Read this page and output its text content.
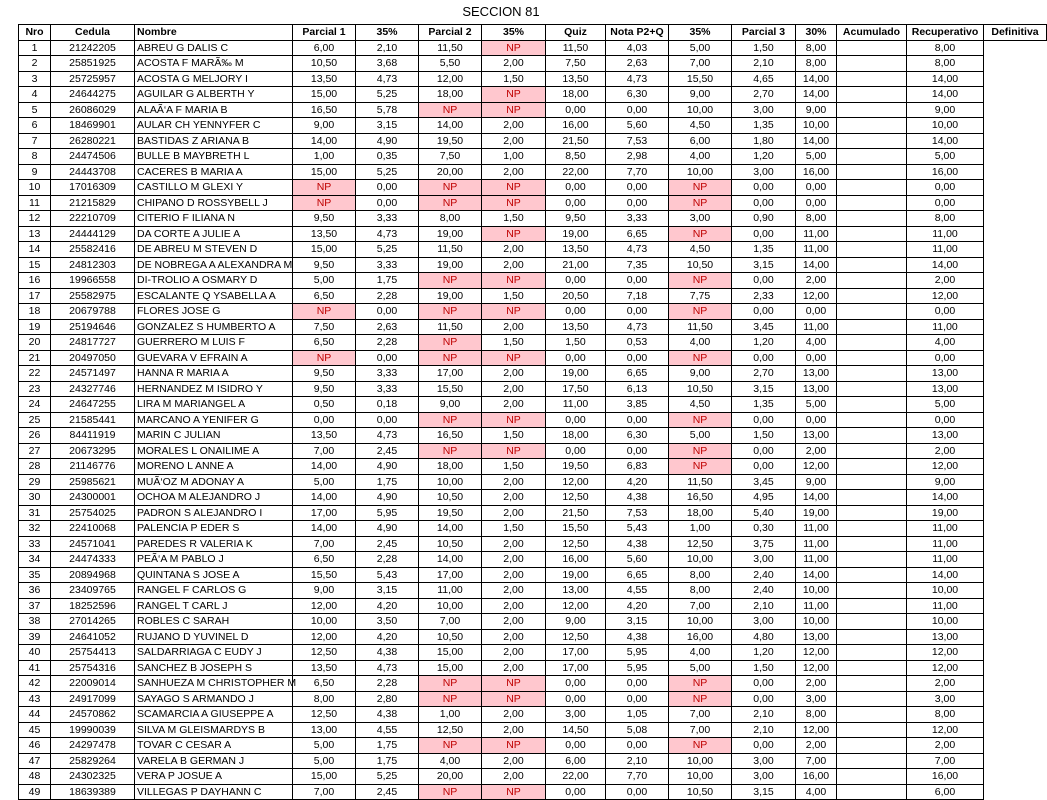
SECCION 81
Nro	Cedula	Nombre	Parcial 1	35%	Parcial 2	35%	Quiz	Nota P2+Q	35%	Parcial 3	30%	Acumulado	Recuperativo	Definitiva
1	21242205	ABREU G DALIS C	6,00	2,10	11,50	NP	11,50	4,03	5,00	1,50	8,00		8,00	
2	25851925	ACOSTA F MARÃ‰ M	10,50	3,68	5,50	2,00	7,50	2,63	7,00	2,10	8,00		8,00	
3	25725957	ACOSTA G MELJORY I	13,50	4,73	12,00	1,50	13,50	4,73	15,50	4,65	14,00		14,00	
4	24644275	AGUILAR G ALBERTH Y	15,00	5,25	18,00	NP	18,00	6,30	9,00	2,70	14,00		14,00	
5	26086029	ALAÃ‘A F MARIA B	16,50	5,78	NP	NP	0,00	0,00	10,00	3,00	9,00		9,00	
6	18469901	AULAR CH YENNYFER C	9,00	3,15	14,00	2,00	16,00	5,60	4,50	1,35	10,00		10,00	
7	26280221	BASTIDAS Z ARIANA B	14,00	4,90	19,50	2,00	21,50	7,53	6,00	1,80	14,00		14,00	
8	24474506	BULLE B MAYBRETH L	1,00	0,35	7,50	1,00	8,50	2,98	4,00	1,20	5,00		5,00	
9	24443708	CACERES B MARIA A	15,00	5,25	20,00	2,00	22,00	7,70	10,00	3,00	16,00		16,00	
10	17016309	CASTILLO M GLEXI Y	NP	0,00	NP	NP	0,00	0,00	NP	0,00	0,00		0,00	
11	21215829	CHIPANO D ROSSYBELL J	NP	0,00	NP	NP	0,00	0,00	NP	0,00	0,00		0,00	
12	22210709	CITERIO F ILIANA N	9,50	3,33	8,00	1,50	9,50	3,33	3,00	0,90	8,00		8,00	
13	24444129	DA CORTE A JULIE A	13,50	4,73	19,00	NP	19,00	6,65	NP	0,00	11,00		11,00	
14	25582416	DE ABREU M STEVEN D	15,00	5,25	11,50	2,00	13,50	4,73	4,50	1,35	11,00		11,00	
15	24812303	DE NOBREGA A ALEXANDRA M	9,50	3,33	19,00	2,00	21,00	7,35	10,50	3,15	14,00		14,00	
16	19966558	DI-TROLIO A OSMARY D	5,00	1,75	NP	NP	0,00	0,00	NP	0,00	2,00		2,00	
17	25582975	ESCALANTE Q YSABELLA A	6,50	2,28	19,00	1,50	20,50	7,18	7,75	2,33	12,00		12,00	
18	20679788	FLORES JOSE G	NP	0,00	NP	NP	0,00	0,00	NP	0,00	0,00		0,00	
19	25194646	GONZALEZ S HUMBERTO A	7,50	2,63	11,50	2,00	13,50	4,73	11,50	3,45	11,00		11,00	
20	24817727	GUERRERO M LUIS F	6,50	2,28	NP	1,50	1,50	0,53	4,00	1,20	4,00		4,00	
21	20497050	GUEVARA V EFRAIN A	NP	0,00	NP	NP	0,00	0,00	NP	0,00	0,00		0,00	
22	24571497	HANNA R MARIA A	9,50	3,33	17,00	2,00	19,00	6,65	9,00	2,70	13,00		13,00	
23	24327746	HERNANDEZ M ISIDRO Y	9,50	3,33	15,50	2,00	17,50	6,13	10,50	3,15	13,00		13,00	
24	24647255	LIRA M MARIANGEL A	0,50	0,18	9,00	2,00	11,00	3,85	4,50	1,35	5,00		5,00	
25	21585441	MARCANO A YENIFER G	0,00	0,00	NP	NP	0,00	0,00	NP	0,00	0,00		0,00	
26	84411919	MARIN C JULIAN	13,50	4,73	16,50	1,50	18,00	6,30	5,00	1,50	13,00		13,00	
27	20673295	MORALES L ONAILIME A	7,00	2,45	NP	NP	0,00	0,00	NP	0,00	2,00		2,00	
28	21146776	MORENO L ANNE A	14,00	4,90	18,00	1,50	19,50	6,83	NP	0,00	12,00		12,00	
29	25985621	MUÃ‘OZ M ADONAY A	5,00	1,75	10,00	2,00	12,00	4,20	11,50	3,45	9,00		9,00	
30	24300001	OCHOA M ALEJANDRO J	14,00	4,90	10,50	2,00	12,50	4,38	16,50	4,95	14,00		14,00	
31	25754025	PADRON S ALEJANDRO I	17,00	5,95	19,50	2,00	21,50	7,53	18,00	5,40	19,00		19,00	
32	22410068	PALENCIA P EDER S	14,00	4,90	14,00	1,50	15,50	5,43	1,00	0,30	11,00		11,00	
33	24571041	PAREDES R VALERIA K	7,00	2,45	10,50	2,00	12,50	4,38	12,50	3,75	11,00		11,00	
34	24474333	PEÃ‘A M PABLO J	6,50	2,28	14,00	2,00	16,00	5,60	10,00	3,00	11,00		11,00	
35	20894968	QUINTANA S JOSE A	15,50	5,43	17,00	2,00	19,00	6,65	8,00	2,40	14,00		14,00	
36	23409765	RANGEL F CARLOS G	9,00	3,15	11,00	2,00	13,00	4,55	8,00	2,40	10,00		10,00	
37	18252596	RANGEL T CARL J	12,00	4,20	10,00	2,00	12,00	4,20	7,00	2,10	11,00		11,00	
38	27014265	ROBLES C SARAH	10,00	3,50	7,00	2,00	9,00	3,15	10,00	3,00	10,00		10,00	
39	24641052	RUJANO D YUVINEL D	12,00	4,20	10,50	2,00	12,50	4,38	16,00	4,80	13,00		13,00	
40	25754413	SALDARRIAGA C EUDY J	12,50	4,38	15,00	2,00	17,00	5,95	4,00	1,20	12,00		12,00	
41	25754316	SANCHEZ B JOSEPH S	13,50	4,73	15,00	2,00	17,00	5,95	5,00	1,50	12,00		12,00	
42	22009014	SANHUEZA M CHRISTOPHER M	6,50	2,28	NP	NP	0,00	0,00	NP	0,00	2,00		2,00	
43	24917099	SAYAGO S ARMANDO J	8,00	2,80	NP	NP	0,00	0,00	NP	0,00	3,00		3,00	
44	24570862	SCAMARCIA A GIUSEPPE A	12,50	4,38	1,00	2,00	3,00	1,05	7,00	2,10	8,00		8,00	
45	19990039	SILVA M GLEISMARDYS B	13,00	4,55	12,50	2,00	14,50	5,08	7,00	2,10	12,00		12,00	
46	24297478	TOVAR C CESAR A	5,00	1,75	NP	NP	0,00	0,00	NP	0,00	2,00		2,00	
47	25829264	VARELA B GERMAN J	5,00	1,75	4,00	2,00	6,00	2,10	10,00	3,00	7,00		7,00	
48	24302325	VERA P JOSUE A	15,00	5,25	20,00	2,00	22,00	7,70	10,00	3,00	16,00		16,00	
49	18639389	VILLEGAS P DAYHANN C	7,00	2,45	NP	NP	0,00	0,00	10,50	3,15	4,00		6,00	
